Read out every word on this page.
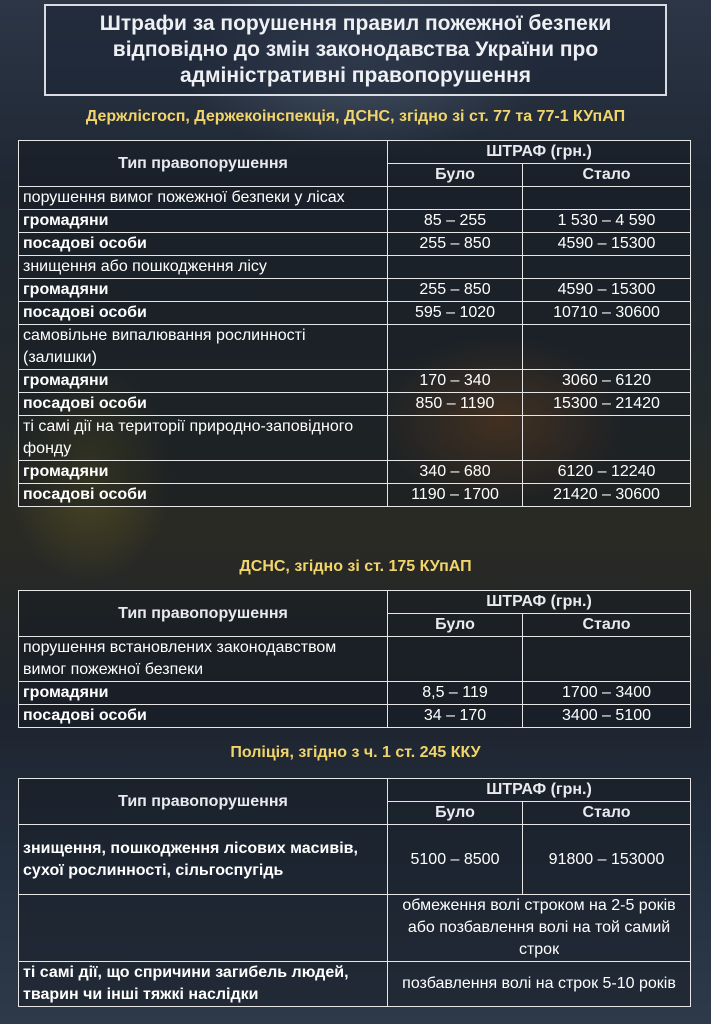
Штрафи за порушення правил пожежної безпеки
відповідно до змін законодавства України про
адміністративні правопорушення
Держлісгосп, Держекоінспекція, ДСНС, згідно зі ст. 77 та 77-1 КУпАП
Тип правопорушення	ШТРАФ (грн.)	
	Було	Стало
порушення вимог пожежної безпеки у лісах		
громадяни	85 – 255	1 530 – 4 590
посадові особи	255 – 850	4590 – 15300
знищення або пошкодження лісу		
громадяни	255 – 850	4590 – 15300
посадові особи	595 – 1020	10710 – 30600
самовільне випалювання рослинності (залишки)		
громадяни	170 – 340	3060 – 6120
посадові особи	850 – 1190	15300 – 21420
ті самі дії на території природно-заповідного фонду		
громадяни	340 – 680	6120 – 12240
посадові особи	1190 – 1700	21420 – 30600
ДСНС, згідно зі ст. 175 КУпАП
Тип правопорушення	ШТРАФ (грн.)	
	Було	Стало
порушення встановлених законодавством вимог пожежної безпеки		
громадяни	8,5 – 119	1700 – 3400
посадові особи	34 – 170	3400 – 5100
Поліція, згідно з ч. 1 ст. 245 ККУ
Тип правопорушення	ШТРАФ (грн.)	
	Було	Стало
знищення, пошкодження лісових масивів, сухої рослинності, сільгоспугідь	5100 – 8500	91800 – 153000
	обмеження волі строком на 2-5 років або позбавлення волі на той самий строк	
ті самі дії, що спричини загибель людей, тварин чи інші тяжкі наслідки	позбавлення волі на строк 5-10 років	
